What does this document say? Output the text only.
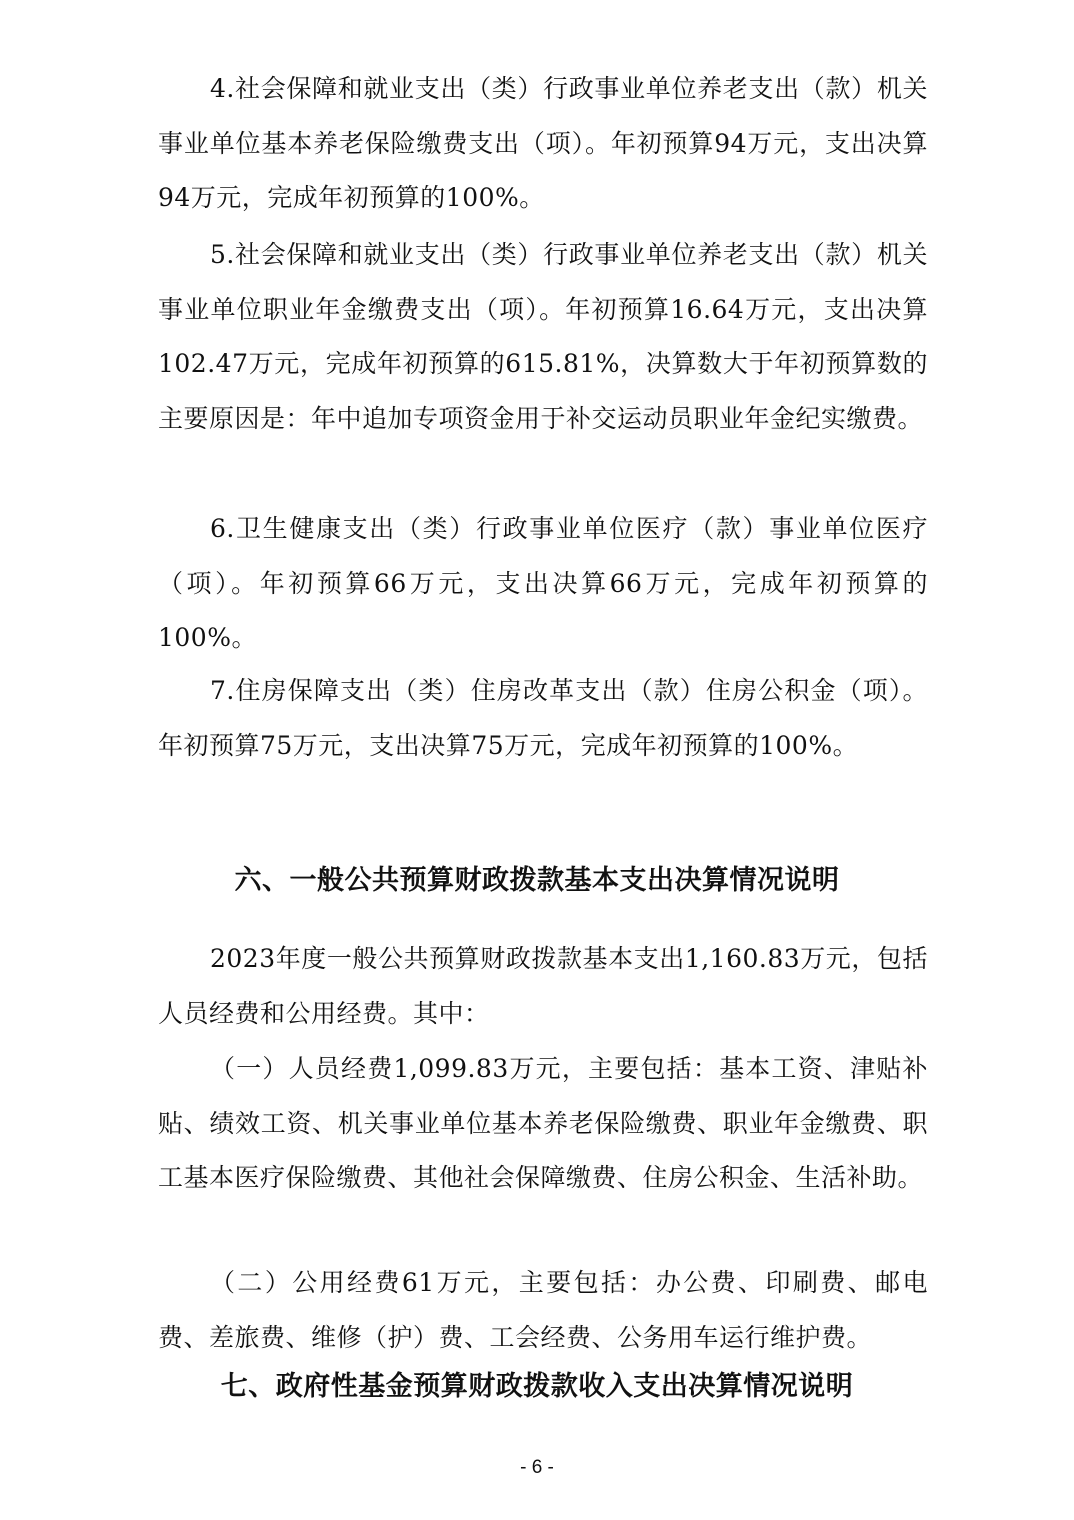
4.社会保障和就业支出（类）行政事业单位养老支出（款）机关事业单位基本养老保险缴费支出（项）。年初预算94万元，支出决算94万元，完成年初预算的100%。

5.社会保障和就业支出（类）行政事业单位养老支出（款）机关事业单位职业年金缴费支出（项）。年初预算16.64万元，支出决算102.47万元，完成年初预算的615.81%，决算数大于年初预算数的主要原因是：年中追加专项资金用于补交运动员职业年金纪实缴费。

6.卫生健康支出（类）行政事业单位医疗（款）事业单位医疗（项）。年初预算66万元，支出决算66万元，完成年初预算的100%。

7.住房保障支出（类）住房改革支出（款）住房公积金（项）。年初预算75万元，支出决算75万元，完成年初预算的100%。

六、一般公共预算财政拨款基本支出决算情况说明

2023年度一般公共预算财政拨款基本支出1,160.83万元，包括人员经费和公用经费。其中：

（一）人员经费1,099.83万元，主要包括：基本工资、津贴补贴、绩效工资、机关事业单位基本养老保险缴费、职业年金缴费、职工基本医疗保险缴费、其他社会保障缴费、住房公积金、生活补助。

（二）公用经费61万元，主要包括：办公费、印刷费、邮电费、差旅费、维修（护）费、工会经费、公务用车运行维护费。

七、政府性基金预算财政拨款收入支出决算情况说明
- 6 -
